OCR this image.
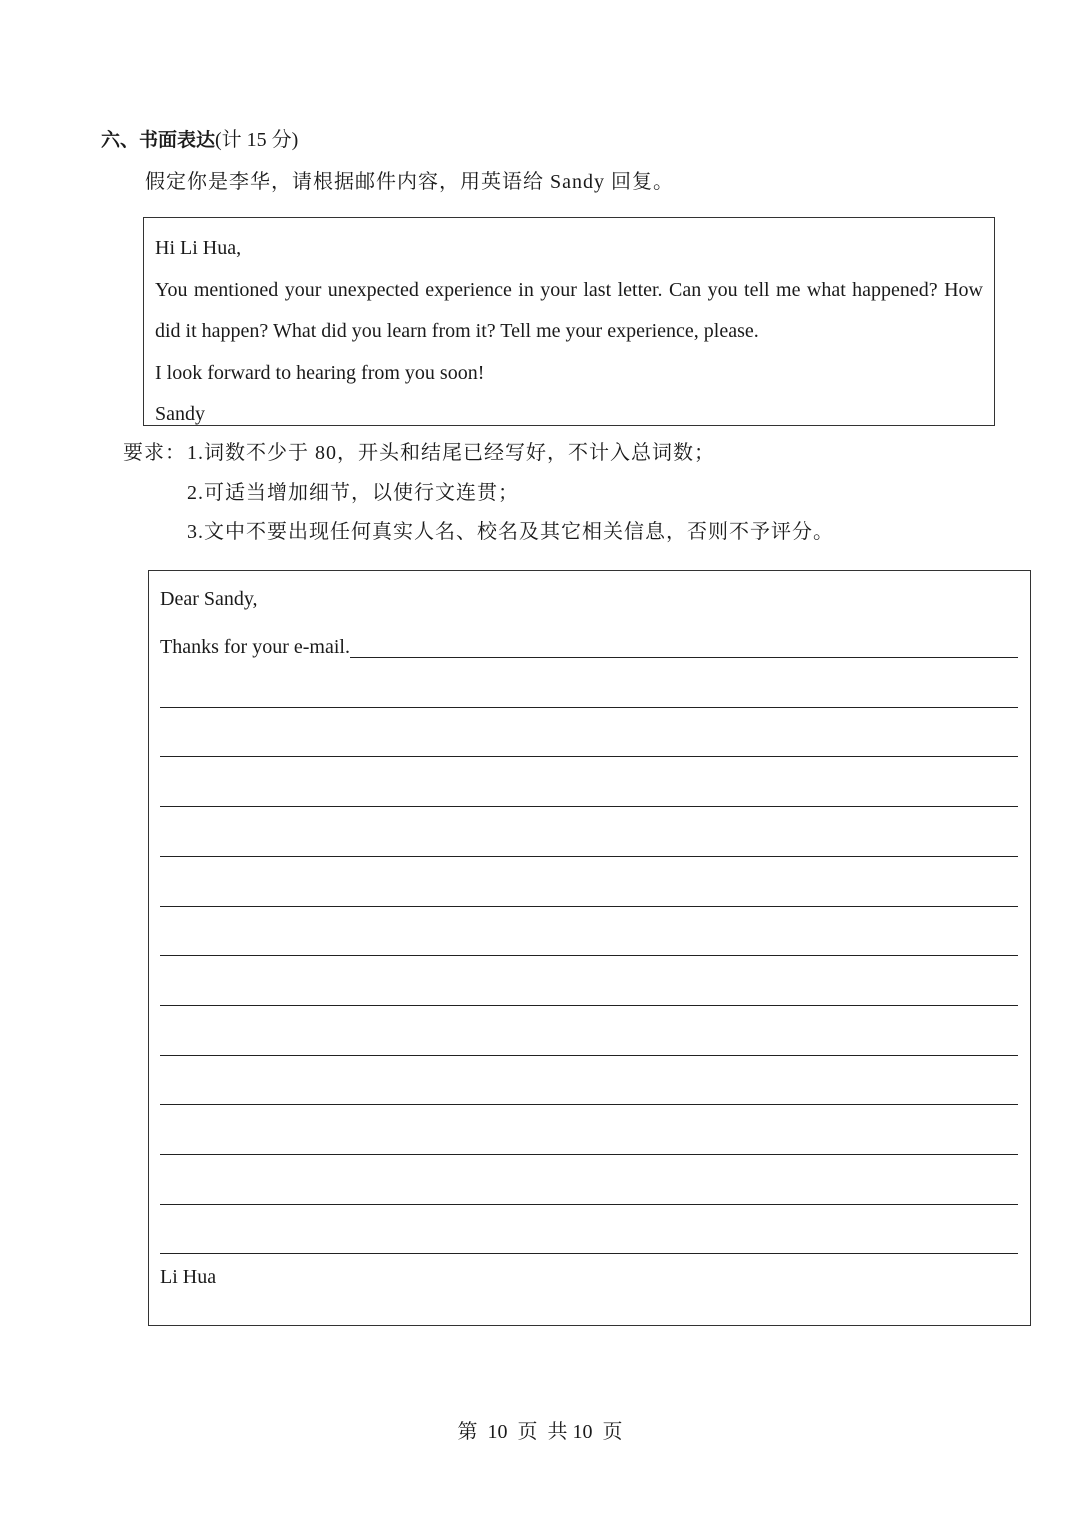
六、书面表达(计 15 分)
假定你是李华，请根据邮件内容，用英语给 Sandy 回复。
Hi Li Hua,
You mentioned your unexpected experience in your last letter. Can you tell me what happened? How did it happen? What did you learn from it? Tell me your experience, please.
I look forward to hearing from you soon!
Sandy
要求：1.词数不少于 80，开头和结尾已经写好，不计入总词数；
2.可适当增加细节，以使行文连贯；
3.文中不要出现任何真实人名、校名及其它相关信息，否则不予评分。
Dear Sandy,
Thanks for your e-mail.
Li Hua
第  10  页  共 10  页
